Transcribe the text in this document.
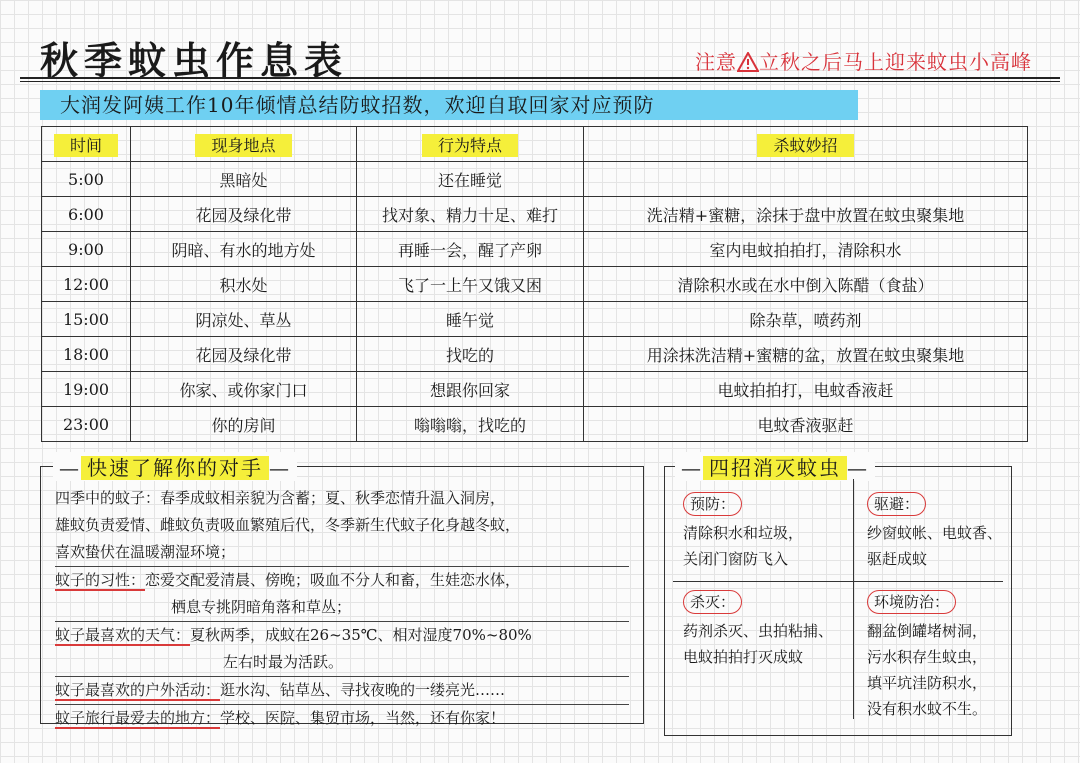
秋季蚊虫作息表	注意 立秋之后马上迎来蚊虫小高峰
大润发阿姨工作10年倾情总结防蚊招数，欢迎自取回家对应预防
时间	现身地点	行为特点	杀蚊妙招
5:00	黑暗处	还在睡觉	
6:00	花园及绿化带	找对象、精力十足、难打	洗洁精+蜜糖，涂抹于盘中放置在蚊虫聚集地
9:00	阴暗、有水的地方处	再睡一会，醒了产卵	室内电蚊拍拍打，清除积水
12:00	积水处	飞了一上午又饿又困	清除积水或在水中倒入陈醋（食盐）
15:00	阴凉处、草丛	睡午觉	除杂草，喷药剂
18:00	花园及绿化带	找吃的	用涂抹洗洁精+蜜糖的盆，放置在蚊虫聚集地
19:00	你家、或你家门口	想跟你回家	电蚊拍拍打，电蚊香液赶
23:00	你的房间	嗡嗡嗡，找吃的	电蚊香液驱赶
— 快速了解你的对手 —
四季中的蚊子：春季成蚊相亲貌为含蓄；夏、秋季恋情升温入洞房，
雄蚊负责爱情、雌蚊负责吸血繁殖后代，冬季新生代蚊子化身越冬蚊，
喜欢蛰伏在温暖潮湿环境；
蚊子的习性：恋爱交配爱清晨、傍晚；吸血不分人和畜，生娃恋水体，
栖息专挑阴暗角落和草丛；
蚊子最喜欢的天气：夏秋两季，成蚊在26~35℃、相对湿度70%~80%
左右时最为活跃。
蚊子最喜欢的户外活动：逛水沟、钻草丛、寻找夜晚的一缕亮光……
蚊子旅行最爱去的地方：学校、医院、集贸市场，当然，还有你家！
— 四招消灭蚊虫 —
预防：
清除积水和垃圾，
关闭门窗防飞入
驱避：
纱窗蚊帐、电蚊香、
驱赶成蚊
杀灭：
药剂杀灭、虫拍粘捕、
电蚊拍拍打灭成蚊
环境防治：
翻盆倒罐堵树洞，
污水积存生蚊虫，
填平坑洼防积水，
没有积水蚊不生。
